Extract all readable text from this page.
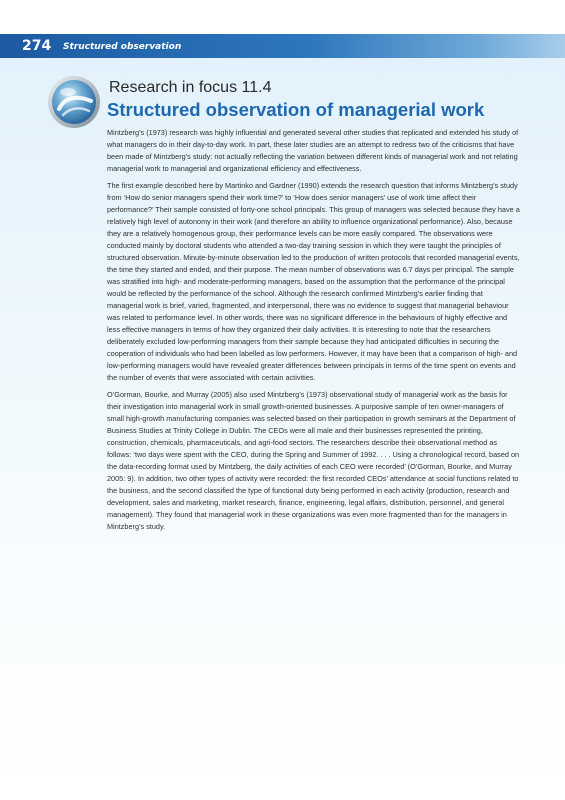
274 Structured observation
Research in focus 11.4
Structured observation of managerial work

Mintzberg’s (1973) research was highly influential and generated several other studies that replicated and extended his study of what managers do in their day-to-day work. In part, these later studies are an attempt to redress two of the criticisms that have been made of Mintzberg’s study: not actually reflecting the variation between different kinds of managerial work and not relating managerial work to managerial and organizational efficiency and effectiveness.

The first example described here by Martinko and Gardner (1990) extends the research question that informs Mintzberg’s study from ‘How do senior managers spend their work time?’ to ‘How does senior managers’ use of work time affect their performance?’ Their sample consisted of forty-one school principals. This group of managers was selected because they have a relatively high level of autonomy in their work (and therefore an ability to influence organizational performance). Also, because they are a relatively homogenous group, their performance levels can be more easily compared. The observations were conducted mainly by doctoral students who attended a two-day training session in which they were taught the principles of structured observation. Minute-by-minute observation led to the production of written protocols that recorded managerial events, the time they started and ended, and their purpose. The mean number of observations was 6.7 days per principal. The sample was stratified into high- and moderate-performing managers, based on the assumption that the performance of the principal would be reflected by the performance of the school. Although the research confirmed Mintzberg’s earlier finding that managerial work is brief, varied, fragmented, and interpersonal, there was no evidence to suggest that managerial behaviour was related to performance level. In other words, there was no significant difference in the behaviours of highly effective and less effective managers in terms of how they organized their daily activities. It is interesting to note that the researchers deliberately excluded low-performing managers from their sample because they had anticipated difficulties in securing the cooperation of individuals who had been labelled as low performers. However, it may have been that a comparison of high- and low-performing managers would have revealed greater differences between principals in terms of the time spent on events and the number of events that were associated with certain activities.

O’Gorman, Bourke, and Murray (2005) also used Mintzberg’s (1973) observational study of managerial work as the basis for their investigation into managerial work in small growth-oriented businesses. A purposive sample of ten owner-managers of small high-growth manufacturing companies was selected based on their participation in growth seminars at the Department of Business Studies at Trinity College in Dublin. The CEOs were all male and their businesses represented the printing, construction, chemicals, pharmaceuticals, and agri-food sectors. The researchers describe their observational method as follows: ‘two days were spent with the CEO, during the Spring and Summer of 1992. . . . Using a chronological record, based on the data-recording format used by Mintzberg, the daily activities of each CEO were recorded’ (O’Gorman, Bourke, and Murray 2005: 9). In addition, two other types of activity were recorded: the first recorded CEOs’ attendance at social functions related to the business, and the second classified the type of functional duty being performed in each activity (production, research and development, sales and marketing, market research, finance, engineering, legal affairs, distribution, personnel, and general management). They found that managerial work in these organizations was even more fragmented than for the managers in Mintzberg’s study.
